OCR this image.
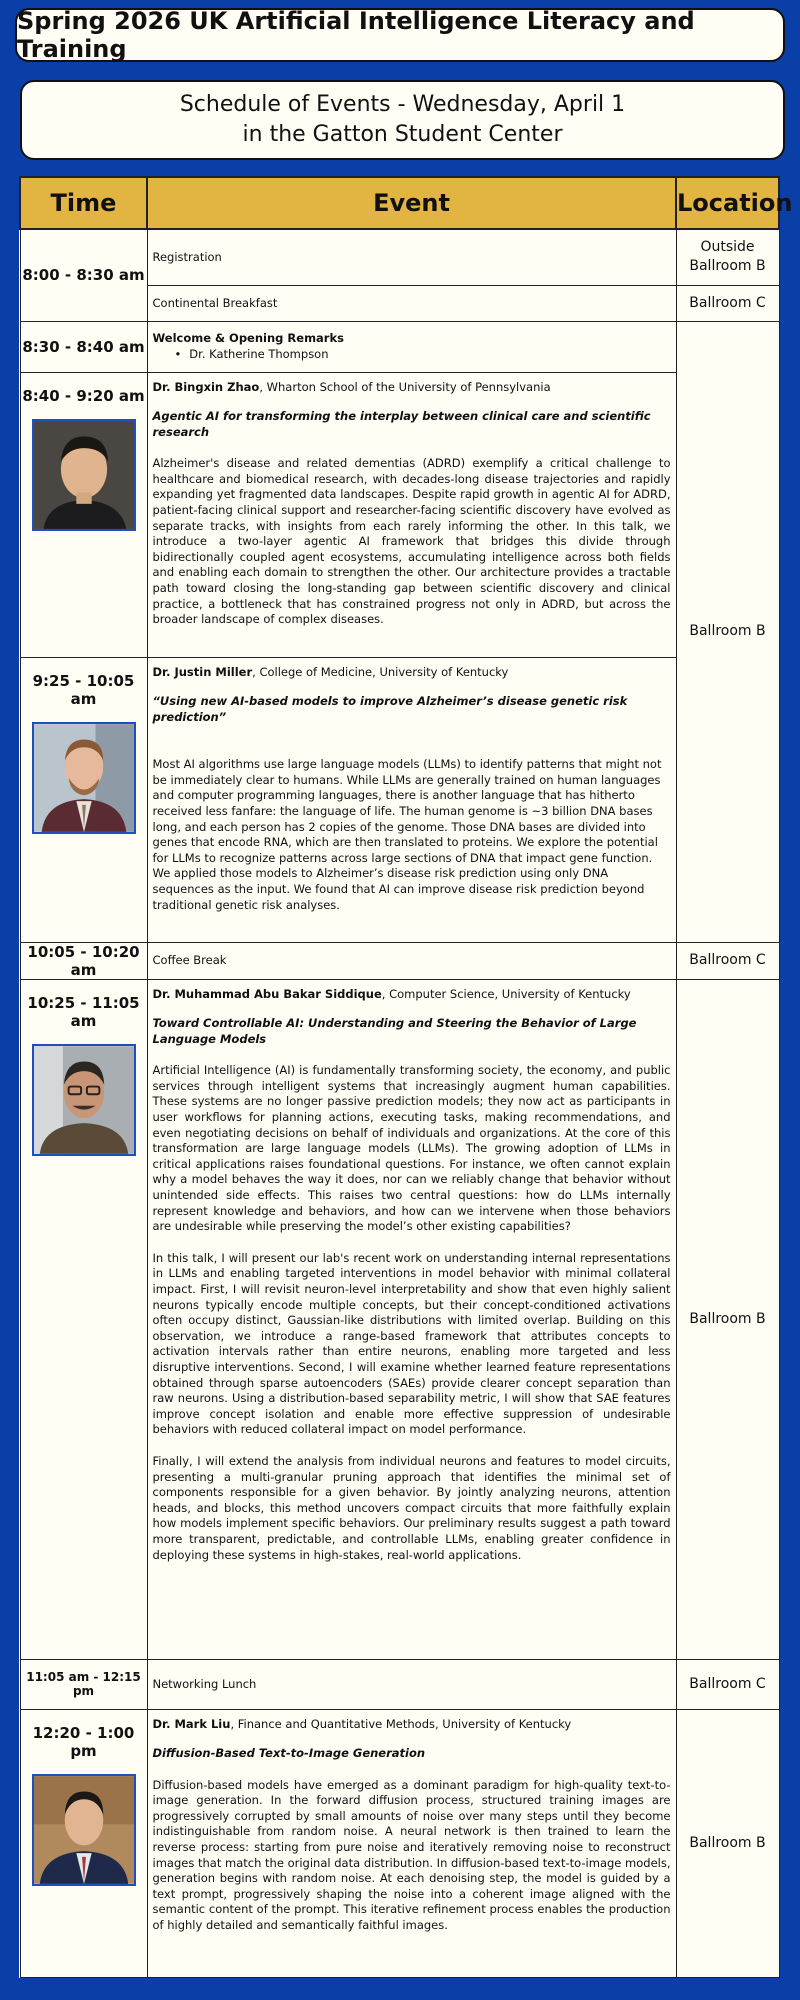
Spring 2026 UK Artificial Intelligence Literacy and Training
Schedule of Events - Wednesday, April 1
in the Gatton Student Center
Time	Event	Location
8:00 - 8:30 am	Registration	Outside Ballroom B
	Continental Breakfast	Ballroom C
8:30 - 8:40 am	Welcome & Opening Remarks
• Dr. Katherine Thompson	Ballroom B

8:40 - 9:20 am	Dr. Bingxin Zhao, Wharton School of the University of Pennsylvania
Agentic AI for transforming the interplay between clinical care and scientific research
Alzheimer's disease and related dementias (ADRD) exemplify a critical challenge to healthcare and biomedical research, with decades-long disease trajectories and rapidly expanding yet fragmented data landscapes. Despite rapid growth in agentic AI for ADRD, patient-facing clinical support and researcher-facing scientific discovery have evolved as separate tracks, with insights from each rarely informing the other. In this talk, we introduce a two-layer agentic AI framework that bridges this divide through bidirectionally coupled agent ecosystems, accumulating intelligence across both fields and enabling each domain to strengthen the other. Our architecture provides a tractable path toward closing the long-standing gap between scientific discovery and clinical practice, a bottleneck that has constrained progress not only in ADRD, but across the broader landscape of complex diseases.	

9:25 - 10:05 am	Dr. Justin Miller, College of Medicine, University of Kentucky
“Using new AI-based models to improve Alzheimer’s disease genetic risk prediction”
Most AI algorithms use large language models (LLMs) to identify patterns that might not be immediately clear to humans. While LLMs are generally trained on human languages and computer programming languages, there is another language that has hitherto received less fanfare: the language of life. The human genome is ~3 billion DNA bases long, and each person has 2 copies of the genome. Those DNA bases are divided into genes that encode RNA, which are then translated to proteins. We explore the potential for LLMs to recognize patterns across large sections of DNA that impact gene function. We applied those models to Alzheimer’s disease risk prediction using only DNA sequences as the input. We found that AI can improve disease risk prediction beyond traditional genetic risk analyses.	

10:05 - 10:20 am	Coffee Break	Ballroom C

10:25 - 11:05 am	Dr. Muhammad Abu Bakar Siddique, Computer Science, University of Kentucky
Toward Controllable AI: Understanding and Steering the Behavior of Large Language Models
Artificial Intelligence (AI) is fundamentally transforming society, the economy, and public services through intelligent systems that increasingly augment human capabilities. These systems are no longer passive prediction models; they now act as participants in user workflows for planning actions, executing tasks, making recommendations, and even negotiating decisions on behalf of individuals and organizations. At the core of this transformation are large language models (LLMs). The growing adoption of LLMs in critical applications raises foundational questions. For instance, we often cannot explain why a model behaves the way it does, nor can we reliably change that behavior without unintended side effects. This raises two central questions: how do LLMs internally represent knowledge and behaviors, and how can we intervene when those behaviors are undesirable while preserving the model’s other existing capabilities?
In this talk, I will present our lab's recent work on understanding internal representations in LLMs and enabling targeted interventions in model behavior with minimal collateral impact. First, I will revisit neuron-level interpretability and show that even highly salient neurons typically encode multiple concepts, but their concept-conditioned activations often occupy distinct, Gaussian-like distributions with limited overlap. Building on this observation, we introduce a range-based framework that attributes concepts to activation intervals rather than entire neurons, enabling more targeted and less disruptive interventions. Second, I will examine whether learned feature representations obtained through sparse autoencoders (SAEs) provide clearer concept separation than raw neurons. Using a distribution-based separability metric, I will show that SAE features improve concept isolation and enable more effective suppression of undesirable behaviors with reduced collateral impact on model performance.
Finally, I will extend the analysis from individual neurons and features to model circuits, presenting a multi-granular pruning approach that identifies the minimal set of components responsible for a given behavior. By jointly analyzing neurons, attention heads, and blocks, this method uncovers compact circuits that more faithfully explain how models implement specific behaviors. Our preliminary results suggest a path toward more transparent, predictable, and controllable LLMs, enabling greater confidence in deploying these systems in high-stakes, real-world applications.	Ballroom B
11:05 am - 12:15 pm	Networking Lunch	Ballroom C

12:20 - 1:00 pm	Dr. Mark Liu, Finance and Quantitative Methods, University of Kentucky
Diffusion-Based Text-to-Image Generation
Diffusion-based models have emerged as a dominant paradigm for high-quality text-to-image generation. In the forward diffusion process, structured training images are progressively corrupted by small amounts of noise over many steps until they become indistinguishable from random noise. A neural network is then trained to learn the reverse process: starting from pure noise and iteratively removing noise to reconstruct images that match the original data distribution. In diffusion-based text-to-image models, generation begins with random noise. At each denoising step, the model is guided by a text prompt, progressively shaping the noise into a coherent image aligned with the semantic content of the prompt. This iterative refinement process enables the production of highly detailed and semantically faithful images.	Ballroom B
